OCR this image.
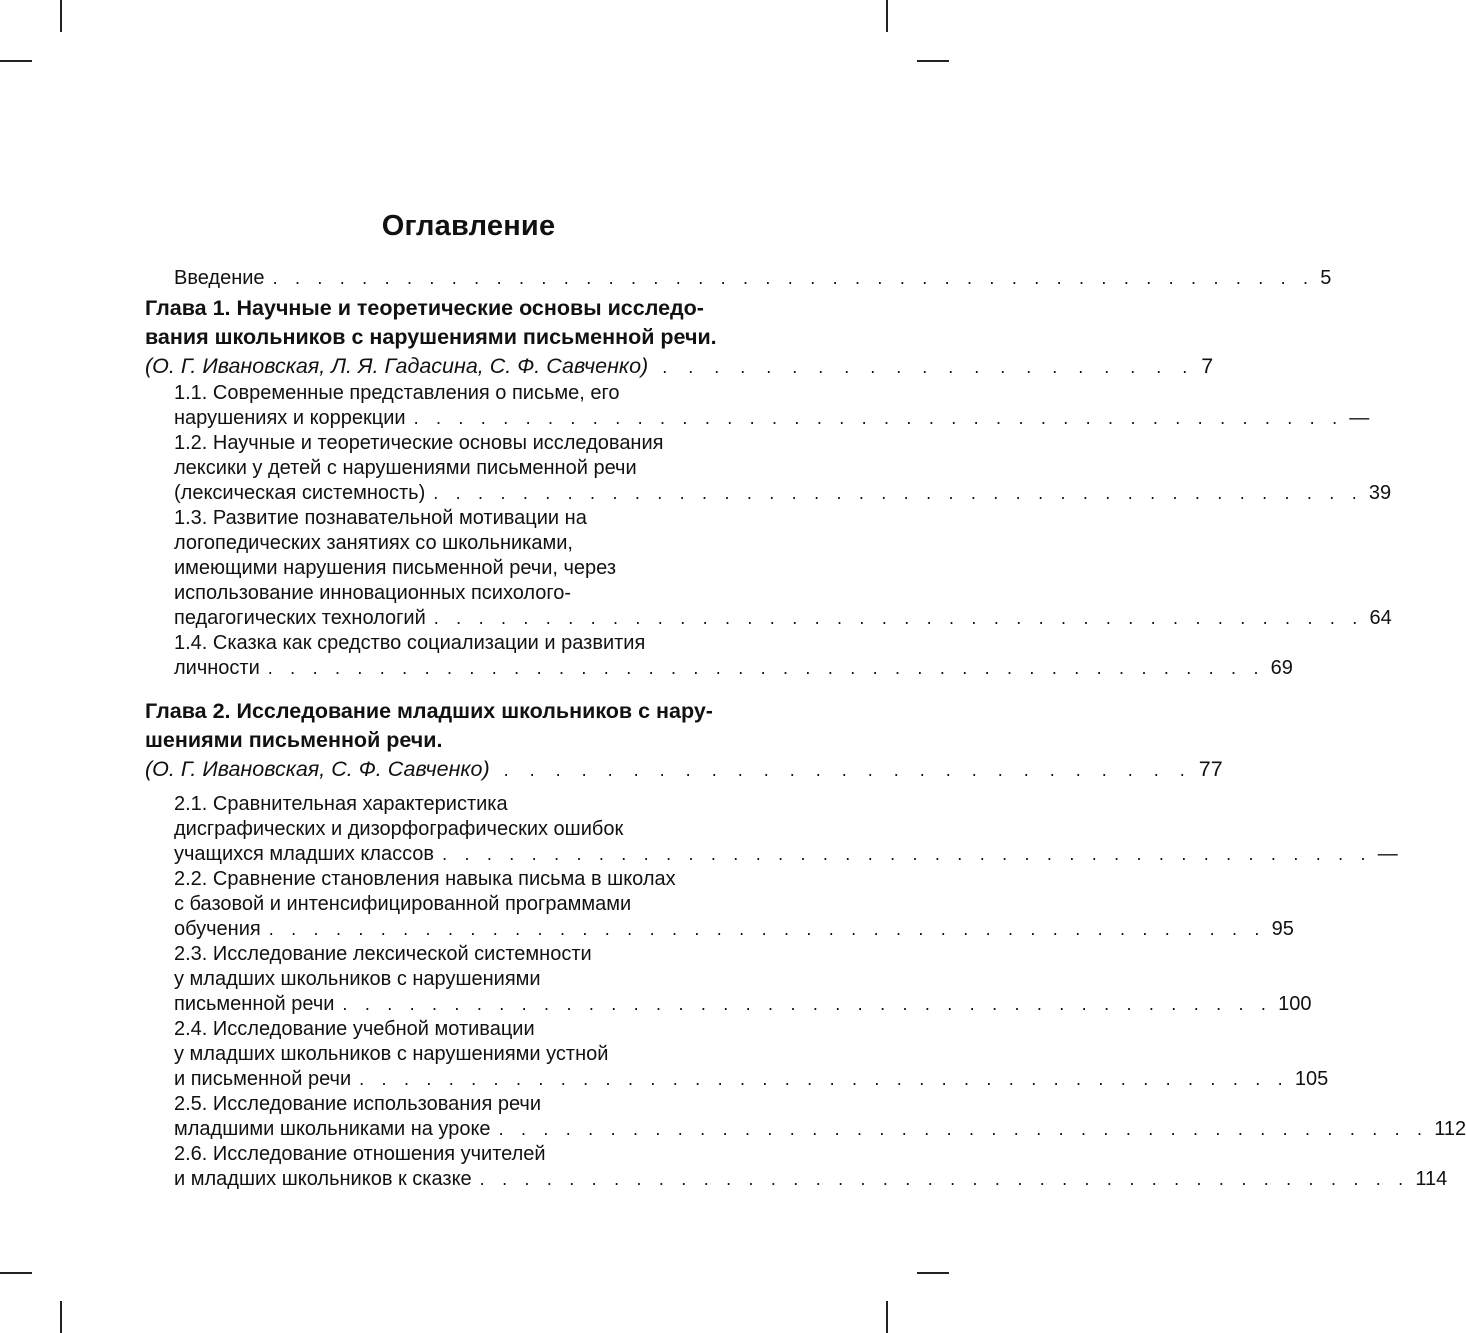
Оглавление
Введение . . . . . . . . . . . . . . . . . . . . . . . . . . . . . . . . . . . . . . . . . . . . . . . 5
Глава 1. Научные и теоретические основы исследо-
вания школьников с нарушениями письменной речи.
(О. Г. Ивановская, Л. Я. Гадасина, С. Ф. Савченко) . . . . . . . . . . . . . . . . . . . . . 7
1.1. Современные представления о письме, его
нарушениях и коррекции . . . . . . . . . . . . . . . . . . . . . . . . . . . . . . . . . . . . . . . . . . —
1.2. Научные и теоретические основы исследования
лексики у детей с нарушениями письменной речи
(лексическая системность) . . . . . . . . . . . . . . . . . . . . . . . . . . . . . . . . . . . . . . . . . . 39
1.3. Развитие познавательной мотивации на
логопедических занятиях со школьниками,
имеющими нарушения письменной речи, через
использование инновационных психолого-
педагогических технологий . . . . . . . . . . . . . . . . . . . . . . . . . . . . . . . . . . . . . . . . . . 64
1.4. Сказка как средство социализации и развития
личности . . . . . . . . . . . . . . . . . . . . . . . . . . . . . . . . . . . . . . . . . . . . . 69
Глава 2. Исследование младших школьников с нару-
шениями письменной речи.
(О. Г. Ивановская, С. Ф. Савченко) . . . . . . . . . . . . . . . . . . . . . . . . . . . 77
2.1. Сравнительная характеристика
дисграфических и дизорфографических ошибок
учащихся младших классов . . . . . . . . . . . . . . . . . . . . . . . . . . . . . . . . . . . . . . . . . . —
2.2. Сравнение становления навыка письма в школах
с базовой и интенсифицированной программами
обучения . . . . . . . . . . . . . . . . . . . . . . . . . . . . . . . . . . . . . . . . . . . . . 95
2.3. Исследование лексической системности
у младших школьников с нарушениями
письменной речи . . . . . . . . . . . . . . . . . . . . . . . . . . . . . . . . . . . . . . . . . . 100
2.4. Исследование учебной мотивации
у младших школьников с нарушениями устной
и письменной речи . . . . . . . . . . . . . . . . . . . . . . . . . . . . . . . . . . . . . . . . . . 105
2.5. Исследование использования речи
младшими школьниками на уроке . . . . . . . . . . . . . . . . . . . . . . . . . . . . . . . . . . . . . . . . . . 112
2.6. Исследование отношения учителей
и младших школьников к сказке . . . . . . . . . . . . . . . . . . . . . . . . . . . . . . . . . . . . . . . . . . 114
